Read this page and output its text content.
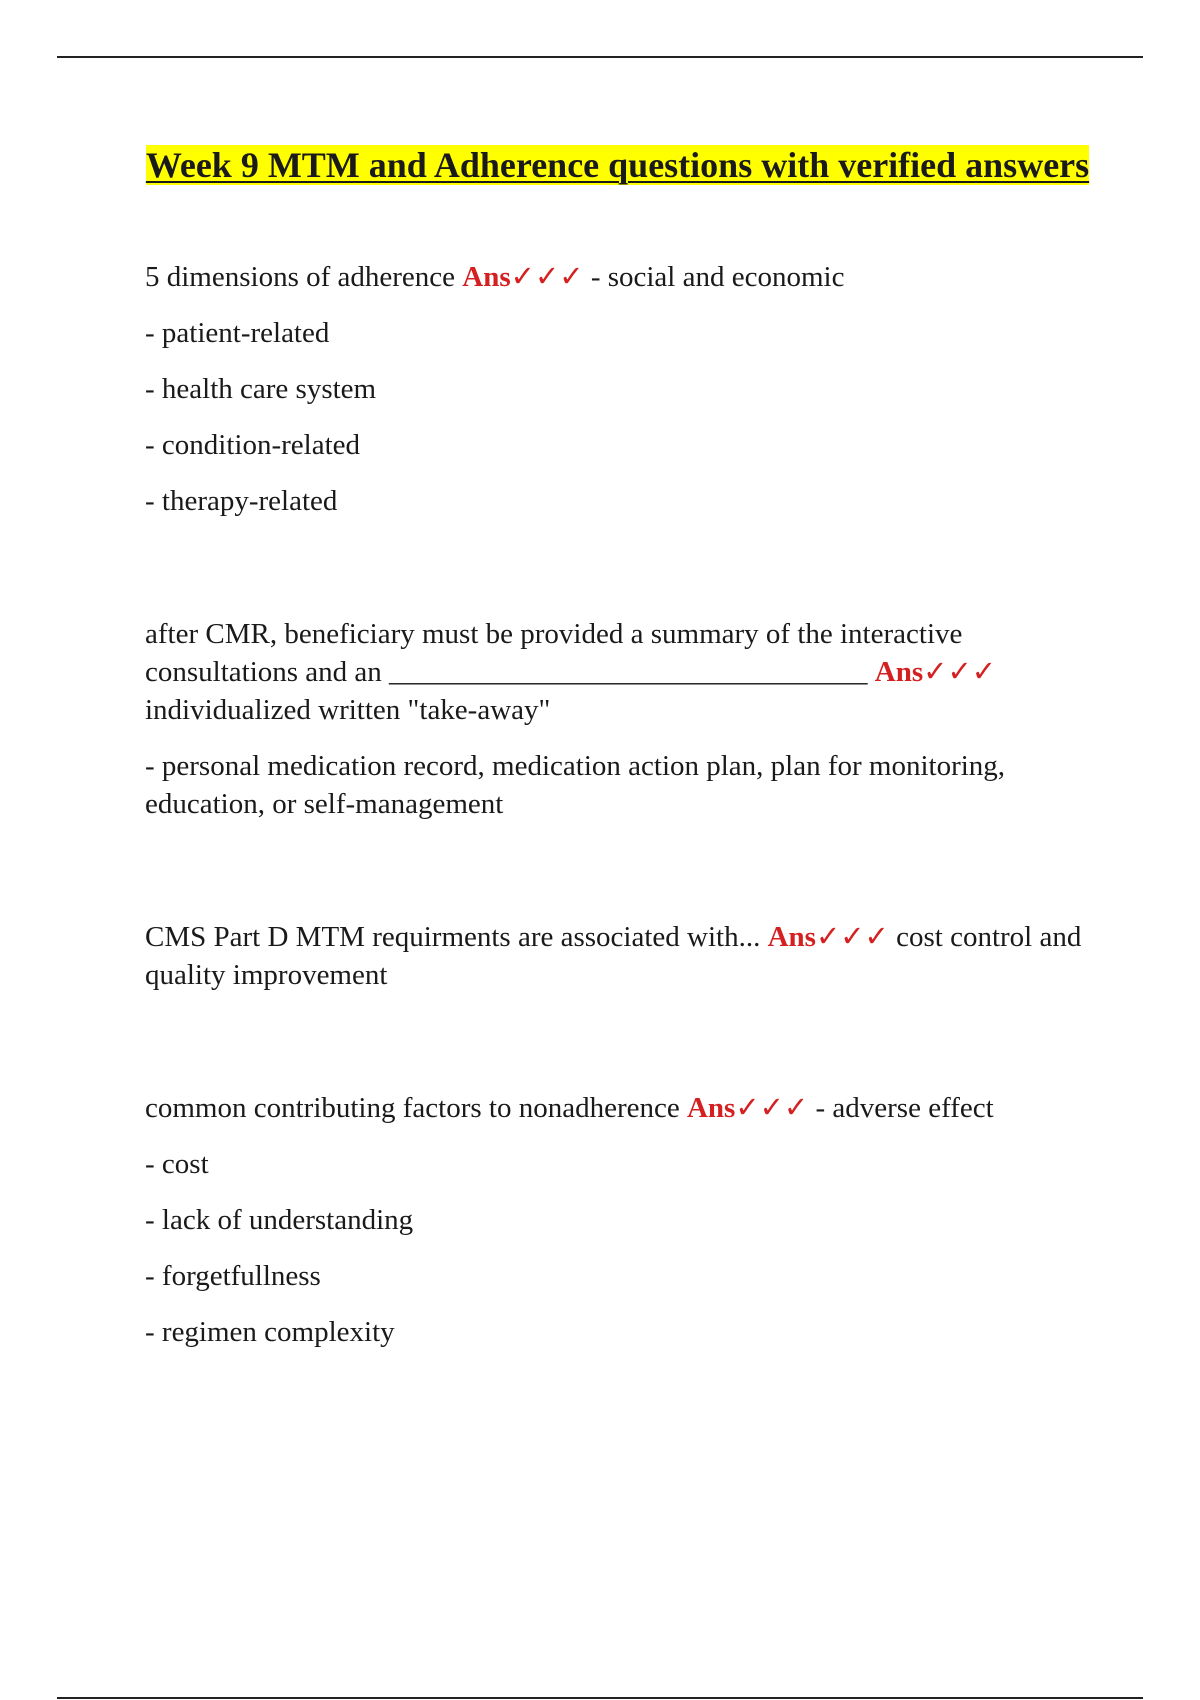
Week 9 MTM and Adherence questions with verified answers

5 dimensions of adherence Ans✓✓✓ - social and economic

- patient-related

- health care system

- condition-related

- therapy-related

after CMR, beneficiary must be provided a summary of the interactive consultations and an _________________________________ Ans✓✓✓ individualized written "take-away"

- personal medication record, medication action plan, plan for monitoring, education, or self-management

CMS Part D MTM requirments are associated with... Ans✓✓✓ cost control and quality improvement

common contributing factors to nonadherence Ans✓✓✓ - adverse effect

- cost

- lack of understanding

- forgetfullness

- regimen complexity
